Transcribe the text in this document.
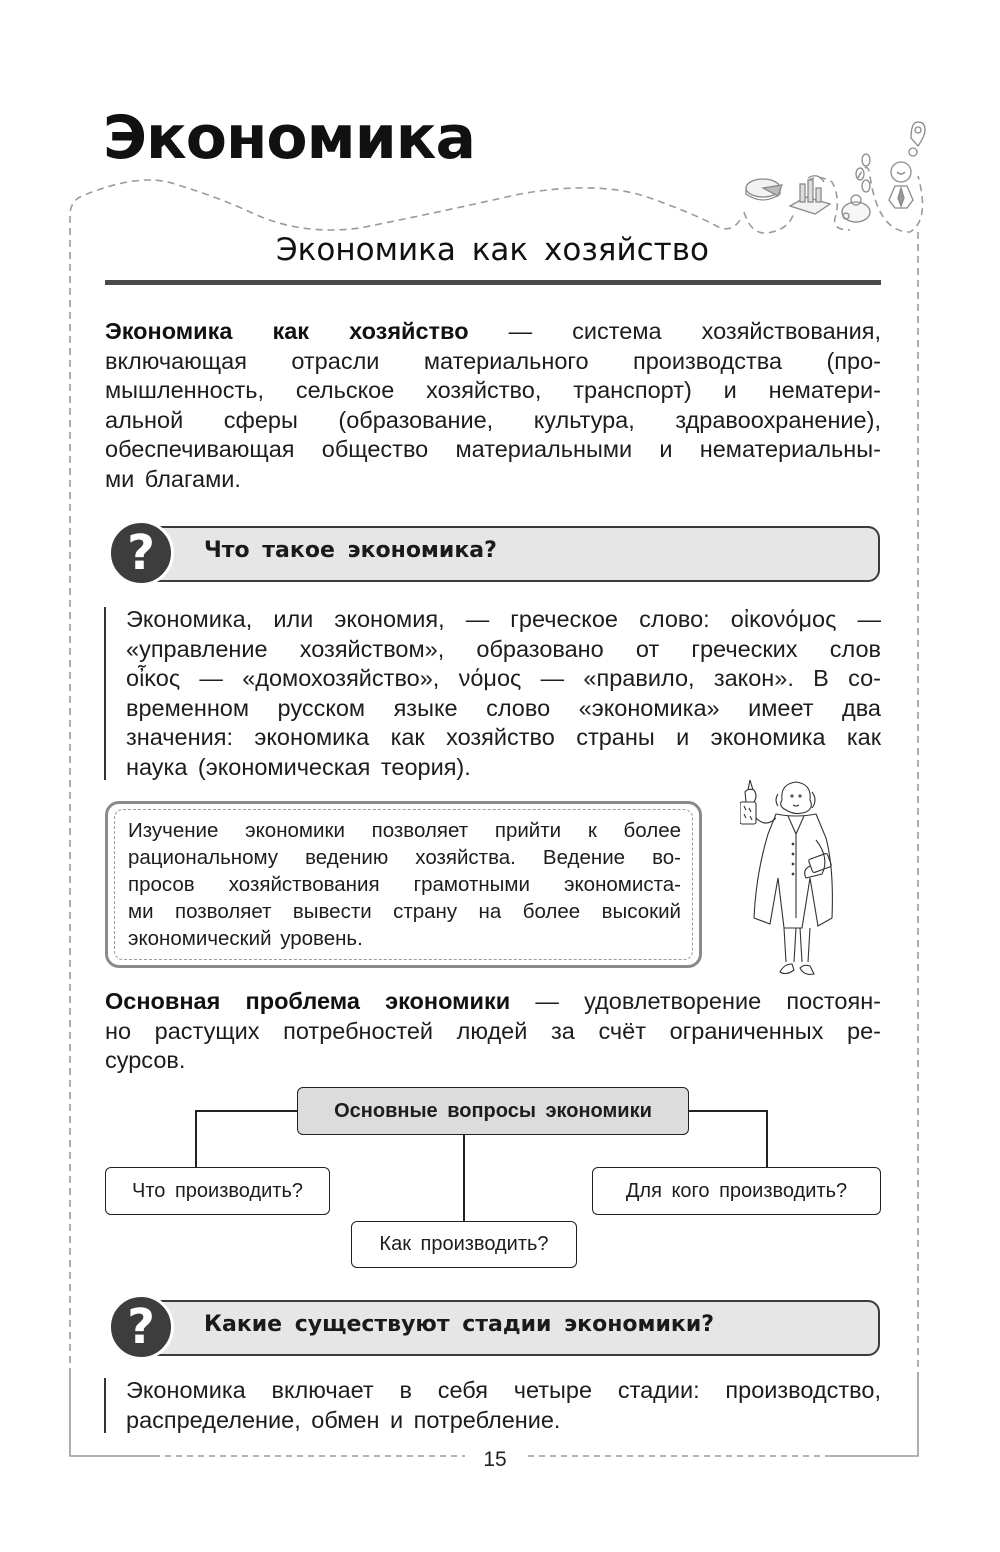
Экономика
Экономика как хозяйство
Экономика как хозяйство — система хозяйствования,
включающая отрасли материального производства (про-
мышленность, сельское хозяйство, транспорт) и нематери-
альной сферы (образование, культура, здравоохранение),
обеспечивающая общество материальными и нематериальны-
ми благами.
?	Что такое экономика?
Экономика, или экономия, — греческое слово: οἰκονόμος —
«управление хозяйством», образовано от греческих слов
οἶκος — «домохозяйство», νόμος — «правило, закон». В со-
временном русском языке слово «экономика» имеет два
значения: экономика как хозяйство страны и экономика как
наука (экономическая теория).
Изучение экономики позволяет прийти к более
рациональному ведению хозяйства. Ведение во-
просов хозяйствования грамотными экономиста-
ми позволяет вывести страну на более высокий
экономический уровень.
Основная проблема экономики — удовлетворение постоян-
но растущих потребностей людей за счёт ограниченных ре-
сурсов.
Основные вопросы экономики
Что производить?
Как производить?
Для кого производить?
?	Какие существуют стадии экономики?
Экономика включает в себя четыре стадии: производство,
распределение, обмен и потребление.
15
